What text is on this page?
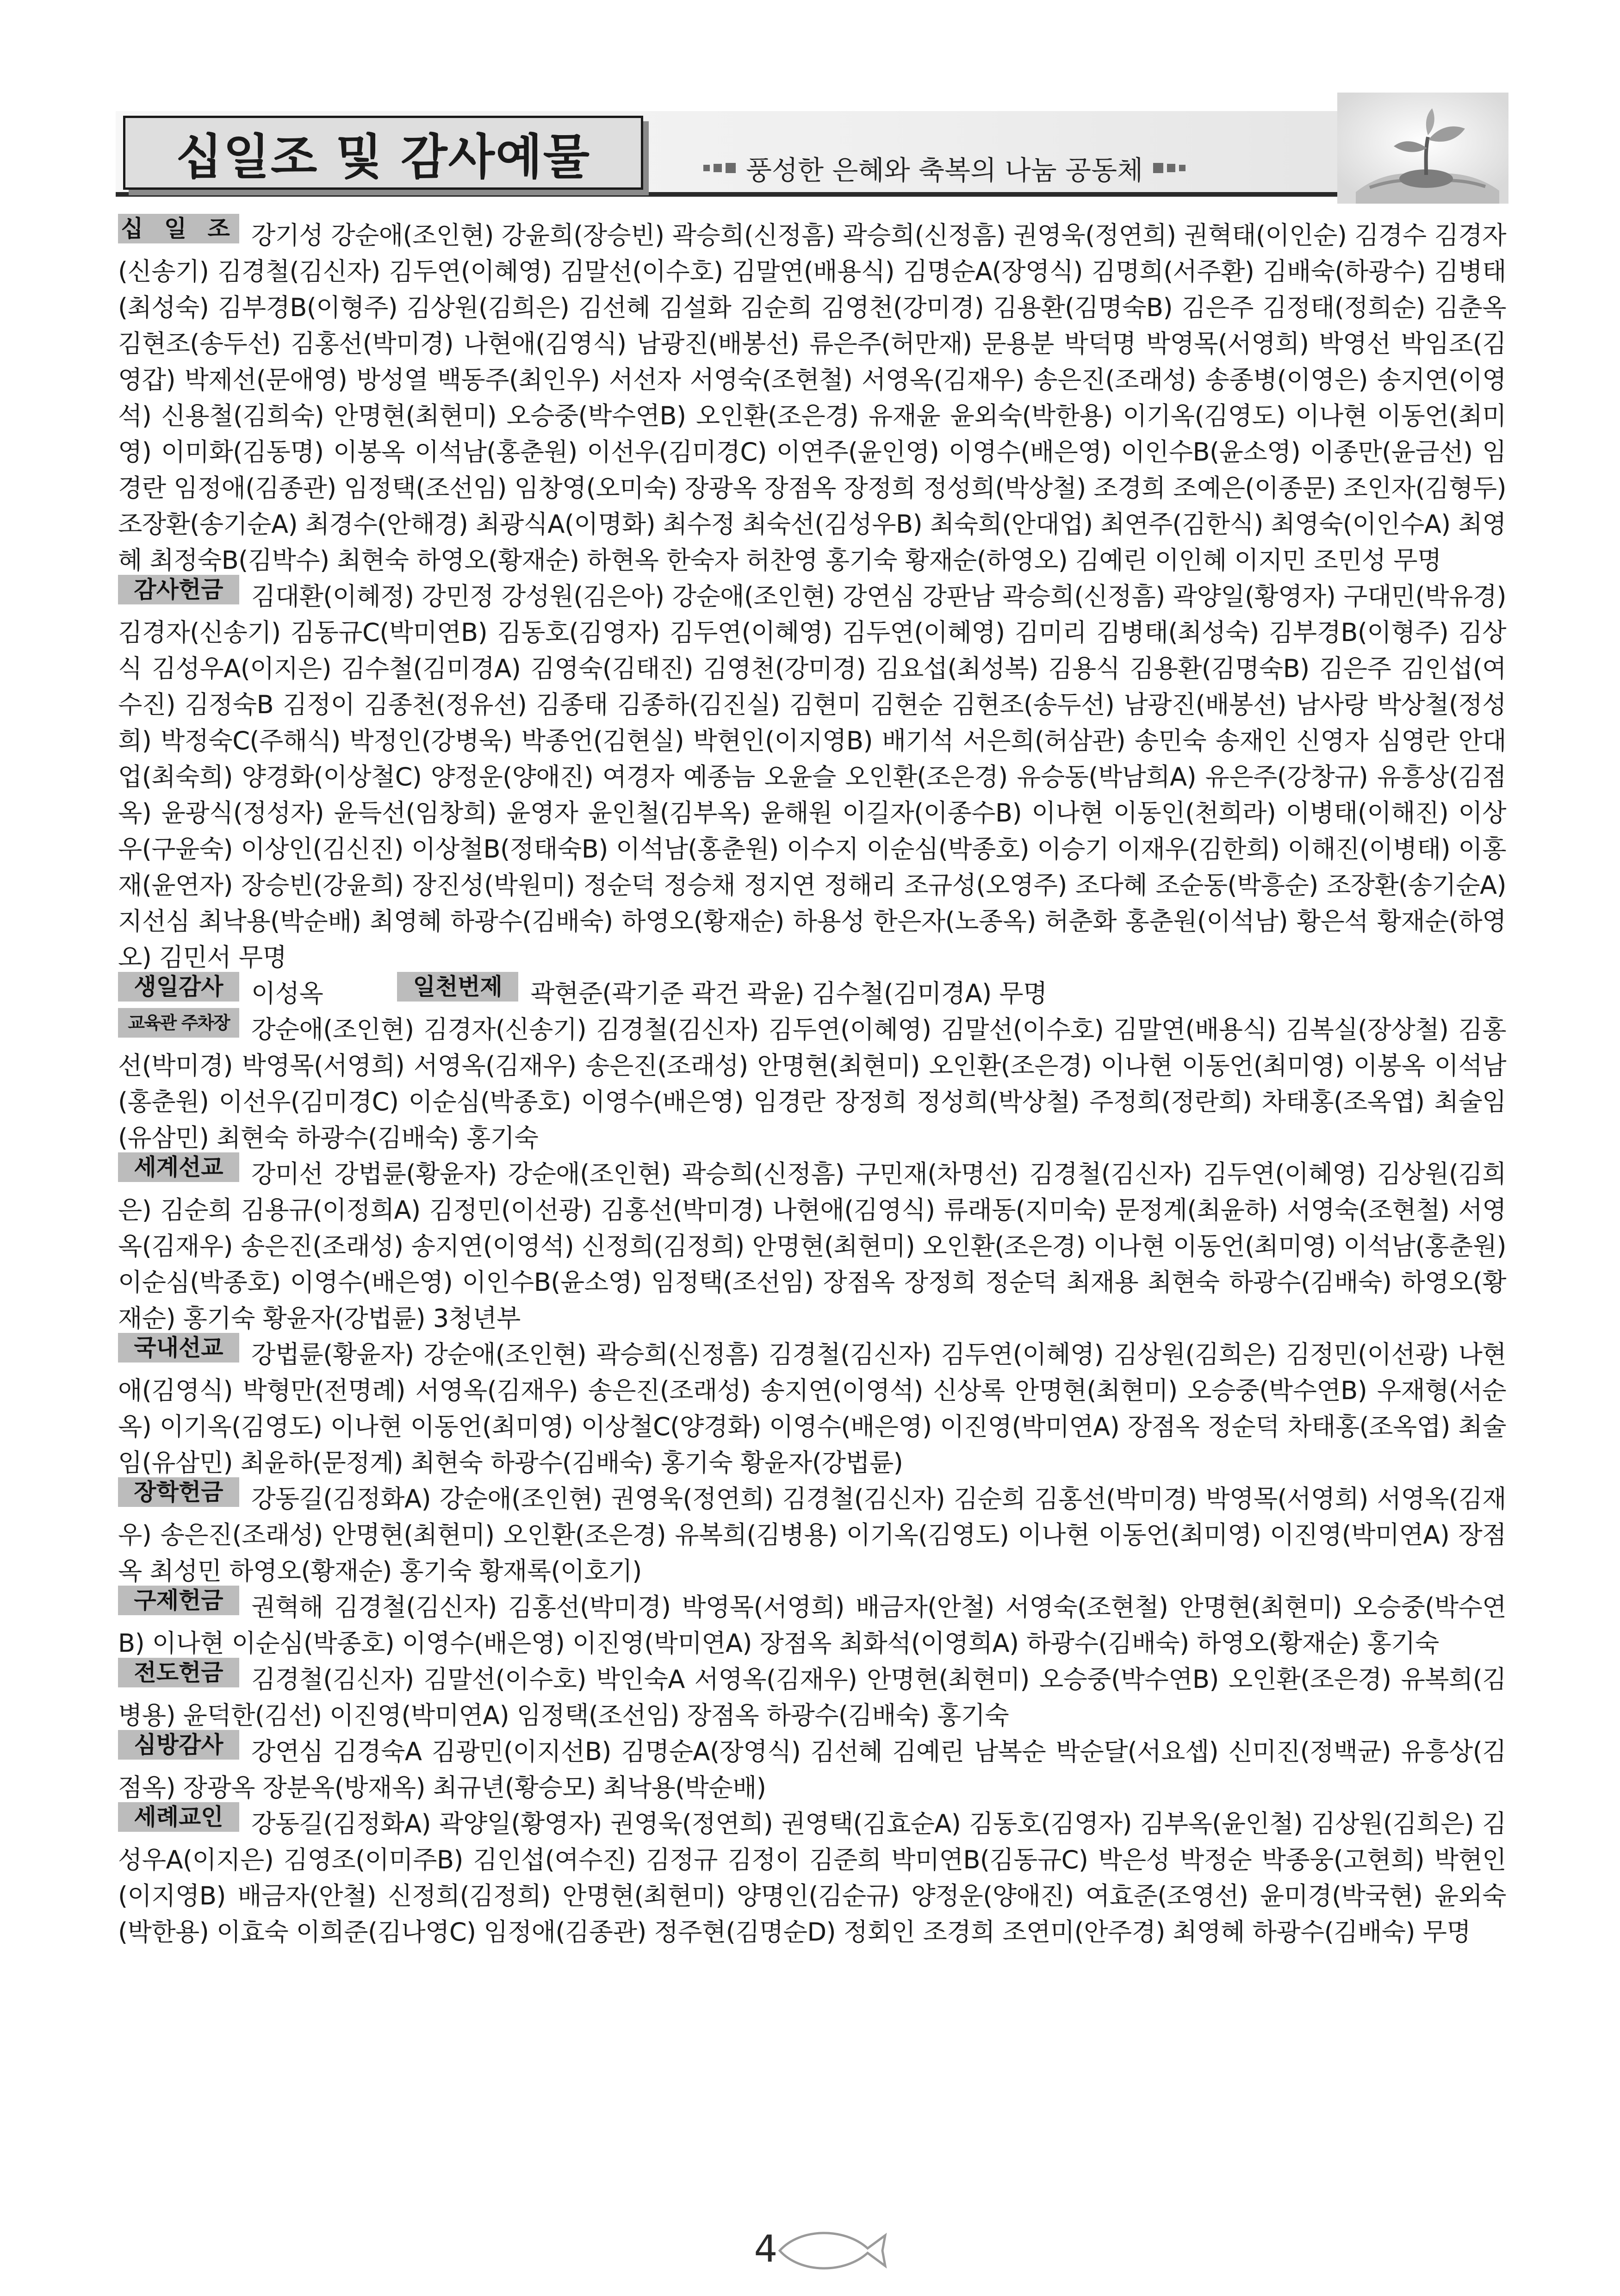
십일조 및 감사예물	풍성한 은혜와 축복의 나눔 공동체

십 일 조 강기성 강순애(조인현) 강윤희(장승빈) 곽승희(신정흠) 곽승희(신정흠) 권영욱(정연희) 권혁태(이인순) 김경수 김경자(신송기) 김경철(김신자) 김두연(이혜영) 김말선(이수호) 김말연(배용식) 김명순A(장영식) 김명희(서주환) 김배숙(하광수) 김병태(최성숙) 김부경B(이형주) 김상원(김희은) 김선혜 김설화 김순희 김영천(강미경) 김용환(김명숙B) 김은주 김정태(정희순) 김춘옥 김현조(송두선) 김홍선(박미경) 나현애(김영식) 남광진(배봉선) 류은주(허만재) 문용분 박덕명 박영목(서영희) 박영선 박임조(김영갑) 박제선(문애영) 방성열 백동주(최인우) 서선자 서영숙(조현철) 서영옥(김재우) 송은진(조래성) 송종병(이영은) 송지연(이영석) 신용철(김희숙) 안명현(최현미) 오승중(박수연B) 오인환(조은경) 유재윤 윤외숙(박한용) 이기옥(김영도) 이나현 이동언(최미영) 이미화(김동명) 이봉옥 이석남(홍춘원) 이선우(김미경C) 이연주(윤인영) 이영수(배은영) 이인수B(윤소영) 이종만(윤금선) 임경란 임정애(김종관) 임정택(조선임) 임창영(오미숙) 장광옥 장점옥 장정희 정성희(박상철) 조경희 조예은(이종문) 조인자(김형두) 조장환(송기순A) 최경수(안해경) 최광식A(이명화) 최수정 최숙선(김성우B) 최숙희(안대업) 최연주(김한식) 최영숙(이인수A) 최영혜 최정숙B(김박수) 최현숙 하영오(황재순) 하현옥 한숙자 허찬영 홍기숙 황재순(하영오) 김예린 이인혜 이지민 조민성 무명

감사헌금 김대환(이혜정) 강민정 강성원(김은아) 강순애(조인현) 강연심 강판남 곽승희(신정흠) 곽양일(황영자) 구대민(박유경) 김경자(신송기) 김동규C(박미연B) 김동호(김영자) 김두연(이혜영) 김두연(이혜영) 김미리 김병태(최성숙) 김부경B(이형주) 김상식 김성우A(이지은) 김수철(김미경A) 김영숙(김태진) 김영천(강미경) 김요섭(최성복) 김용식 김용환(김명숙B) 김은주 김인섭(여수진) 김정숙B 김정이 김종천(정유선) 김종태 김종하(김진실) 김현미 김현순 김현조(송두선) 남광진(배봉선) 남사랑 박상철(정성희) 박정숙C(주해식) 박정인(강병욱) 박종언(김현실) 박현인(이지영B) 배기석 서은희(허삼관) 송민숙 송재인 신영자 심영란 안대업(최숙희) 양경화(이상철C) 양정운(양애진) 여경자 예종늠 오윤슬 오인환(조은경) 유승동(박남희A) 유은주(강창규) 유흥상(김점옥) 윤광식(정성자) 윤득선(임창희) 윤영자 윤인철(김부옥) 윤해원 이길자(이종수B) 이나현 이동인(천희라) 이병태(이해진) 이상우(구윤숙) 이상인(김신진) 이상철B(정태숙B) 이석남(홍춘원) 이수지 이순심(박종호) 이승기 이재우(김한희) 이해진(이병태) 이홍재(윤연자) 장승빈(강윤희) 장진성(박원미) 정순덕 정승채 정지연 정해리 조규성(오영주) 조다혜 조순동(박흥순) 조장환(송기순A) 지선심 최낙용(박순배) 최영혜 하광수(김배숙) 하영오(황재순) 하용성 한은자(노종옥) 허춘화 홍춘원(이석남) 황은석 황재순(하영오) 김민서 무명

생일감사 이성옥	일천번제 곽현준(곽기준 곽건 곽윤) 김수철(김미경A) 무명

교육관 주차장 강순애(조인현) 김경자(신송기) 김경철(김신자) 김두연(이혜영) 김말선(이수호) 김말연(배용식) 김복실(장상철) 김홍선(박미경) 박영목(서영희) 서영옥(김재우) 송은진(조래성) 안명현(최현미) 오인환(조은경) 이나현 이동언(최미영) 이봉옥 이석남(홍춘원) 이선우(김미경C) 이순심(박종호) 이영수(배은영) 임경란 장정희 정성희(박상철) 주정희(정란희) 차태홍(조옥엽) 최술임(유삼민) 최현숙 하광수(김배숙) 홍기숙

세계선교 강미선 강법륜(황윤자) 강순애(조인현) 곽승희(신정흠) 구민재(차명선) 김경철(김신자) 김두연(이혜영) 김상원(김희은) 김순희 김용규(이정희A) 김정민(이선광) 김홍선(박미경) 나현애(김영식) 류래동(지미숙) 문정계(최윤하) 서영숙(조현철) 서영옥(김재우) 송은진(조래성) 송지연(이영석) 신정희(김정희) 안명현(최현미) 오인환(조은경) 이나현 이동언(최미영) 이석남(홍춘원) 이순심(박종호) 이영수(배은영) 이인수B(윤소영) 임정택(조선임) 장점옥 장정희 정순덕 최재용 최현숙 하광수(김배숙) 하영오(황재순) 홍기숙 황윤자(강법륜) 3청년부

국내선교 강법륜(황윤자) 강순애(조인현) 곽승희(신정흠) 김경철(김신자) 김두연(이혜영) 김상원(김희은) 김정민(이선광) 나현애(김영식) 박형만(전명례) 서영옥(김재우) 송은진(조래성) 송지연(이영석) 신상록 안명현(최현미) 오승중(박수연B) 우재형(서순옥) 이기옥(김영도) 이나현 이동언(최미영) 이상철C(양경화) 이영수(배은영) 이진영(박미연A) 장점옥 정순덕 차태홍(조옥엽) 최술임(유삼민) 최윤하(문정계) 최현숙 하광수(김배숙) 홍기숙 황윤자(강법륜)

장학헌금 강동길(김정화A) 강순애(조인현) 권영욱(정연희) 김경철(김신자) 김순희 김홍선(박미경) 박영목(서영희) 서영옥(김재우) 송은진(조래성) 안명현(최현미) 오인환(조은경) 유복희(김병용) 이기옥(김영도) 이나현 이동언(최미영) 이진영(박미연A) 장점옥 최성민 하영오(황재순) 홍기숙 황재록(이호기)

구제헌금 권혁해 김경철(김신자) 김홍선(박미경) 박영목(서영희) 배금자(안철) 서영숙(조현철) 안명현(최현미) 오승중(박수연B) 이나현 이순심(박종호) 이영수(배은영) 이진영(박미연A) 장점옥 최화석(이영희A) 하광수(김배숙) 하영오(황재순) 홍기숙

전도헌금 김경철(김신자) 김말선(이수호) 박인숙A 서영옥(김재우) 안명현(최현미) 오승중(박수연B) 오인환(조은경) 유복희(김병용) 윤덕한(김선) 이진영(박미연A) 임정택(조선임) 장점옥 하광수(김배숙) 홍기숙

심방감사 강연심 김경숙A 김광민(이지선B) 김명순A(장영식) 김선혜 김예린 남복순 박순달(서요셉) 신미진(정백균) 유흥상(김점옥) 장광옥 장분옥(방재옥) 최규년(황승모) 최낙용(박순배)

세례교인 강동길(김정화A) 곽양일(황영자) 권영욱(정연희) 권영택(김효순A) 김동호(김영자) 김부옥(윤인철) 김상원(김희은) 김성우A(이지은) 김영조(이미주B) 김인섭(여수진) 김정규 김정이 김준희 박미연B(김동규C) 박은성 박정순 박종웅(고현희) 박현인(이지영B) 배금자(안철) 신정희(김정희) 안명현(최현미) 양명인(김순규) 양정운(양애진) 여효준(조영선) 윤미경(박국현) 윤외숙(박한용) 이효숙 이희준(김나영C) 임정애(김종관) 정주현(김명순D) 정회인 조경희 조연미(안주경) 최영혜 하광수(김배숙) 무명

4
